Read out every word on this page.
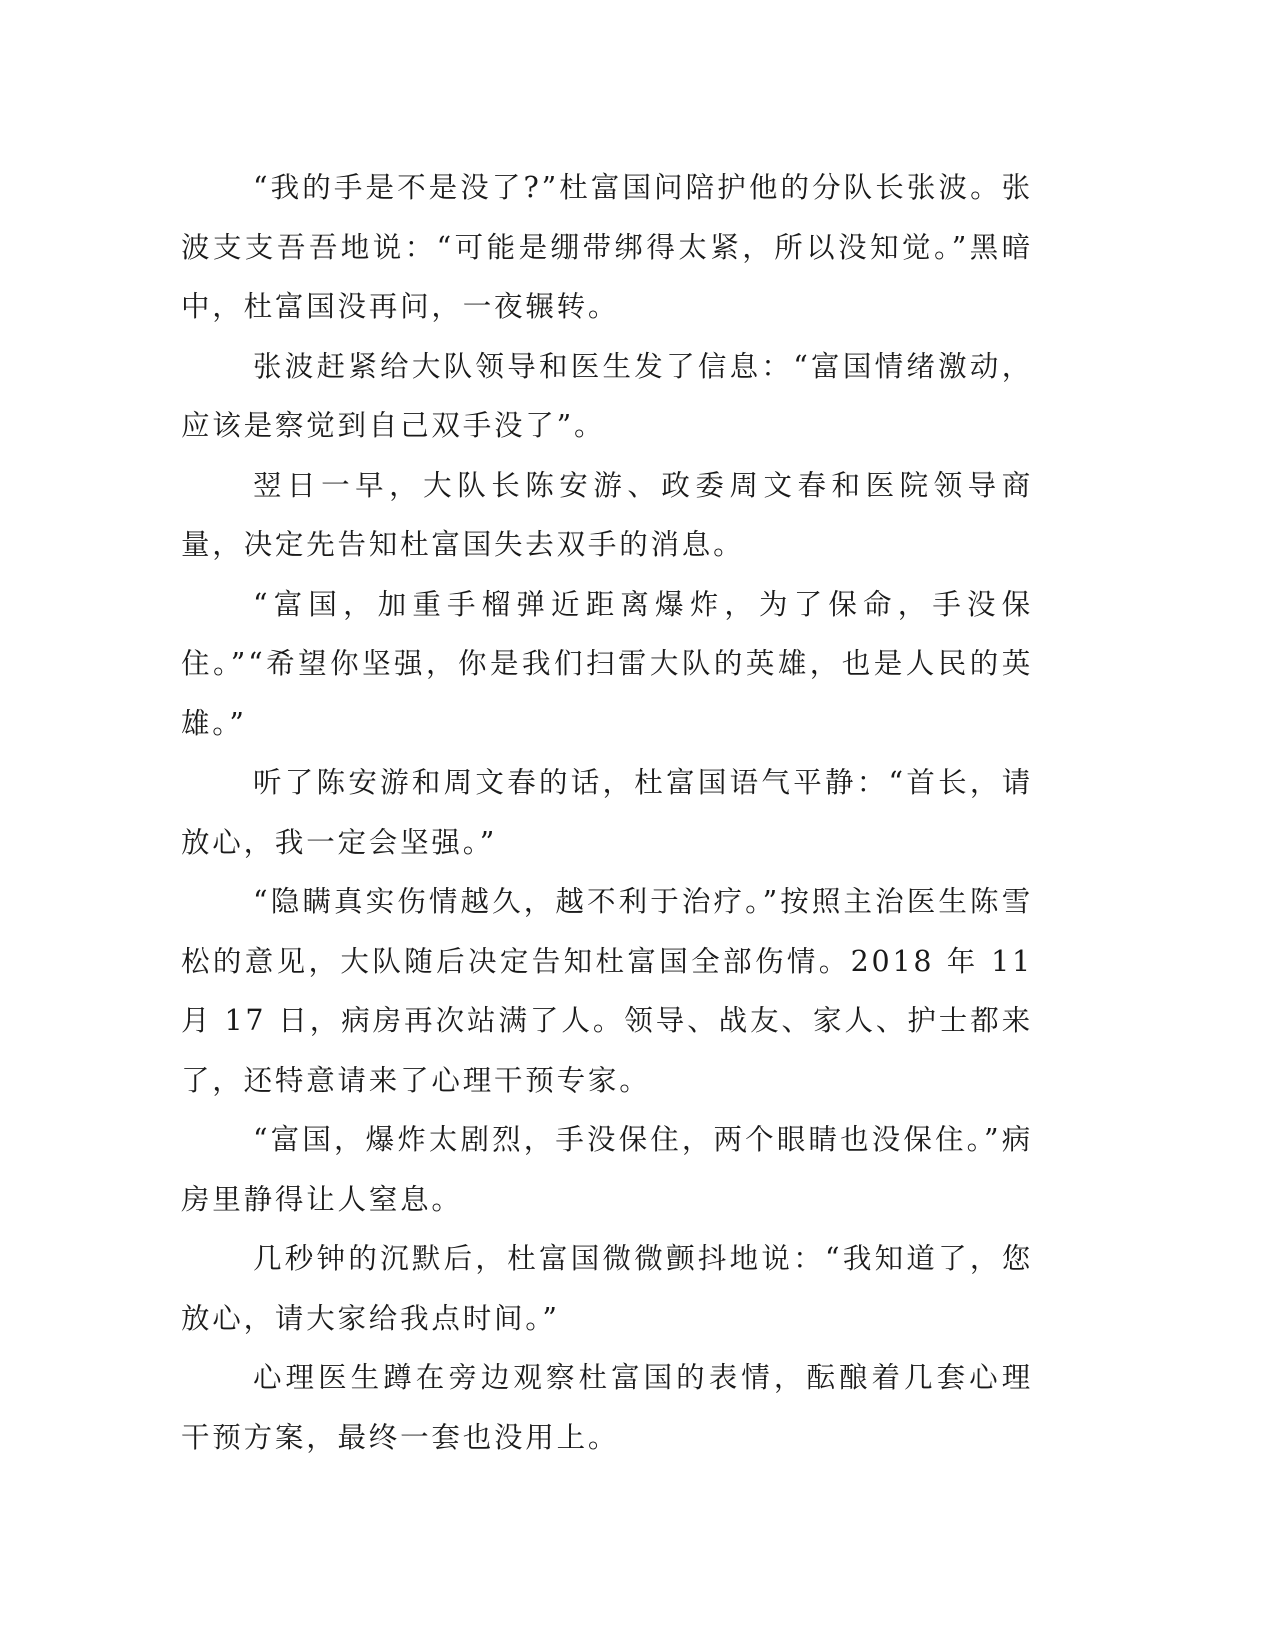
“我的手是不是没了?”杜富国问陪护他的分队长张波。张波支支吾吾地说：“可能是绷带绑得太紧，所以没知觉。”黑暗中，杜富国没再问，一夜辗转。

张波赶紧给大队领导和医生发了信息：“富国情绪激动，应该是察觉到自己双手没了”。

翌日一早，大队长陈安游、政委周文春和医院领导商量，决定先告知杜富国失去双手的消息。

“富国，加重手榴弹近距离爆炸，为了保命，手没保住。”“希望你坚强，你是我们扫雷大队的英雄，也是人民的英雄。”

听了陈安游和周文春的话，杜富国语气平静：“首长，请放心，我一定会坚强。”

“隐瞒真实伤情越久，越不利于治疗。”按照主治医生陈雪松的意见，大队随后决定告知杜富国全部伤情。2018 年 11 月 17 日，病房再次站满了人。领导、战友、家人、护士都来了，还特意请来了心理干预专家。

“富国，爆炸太剧烈，手没保住，两个眼睛也没保住。”病房里静得让人窒息。

几秒钟的沉默后，杜富国微微颤抖地说：“我知道了，您放心，请大家给我点时间。”

心理医生蹲在旁边观察杜富国的表情，酝酿着几套心理干预方案，最终一套也没用上。
